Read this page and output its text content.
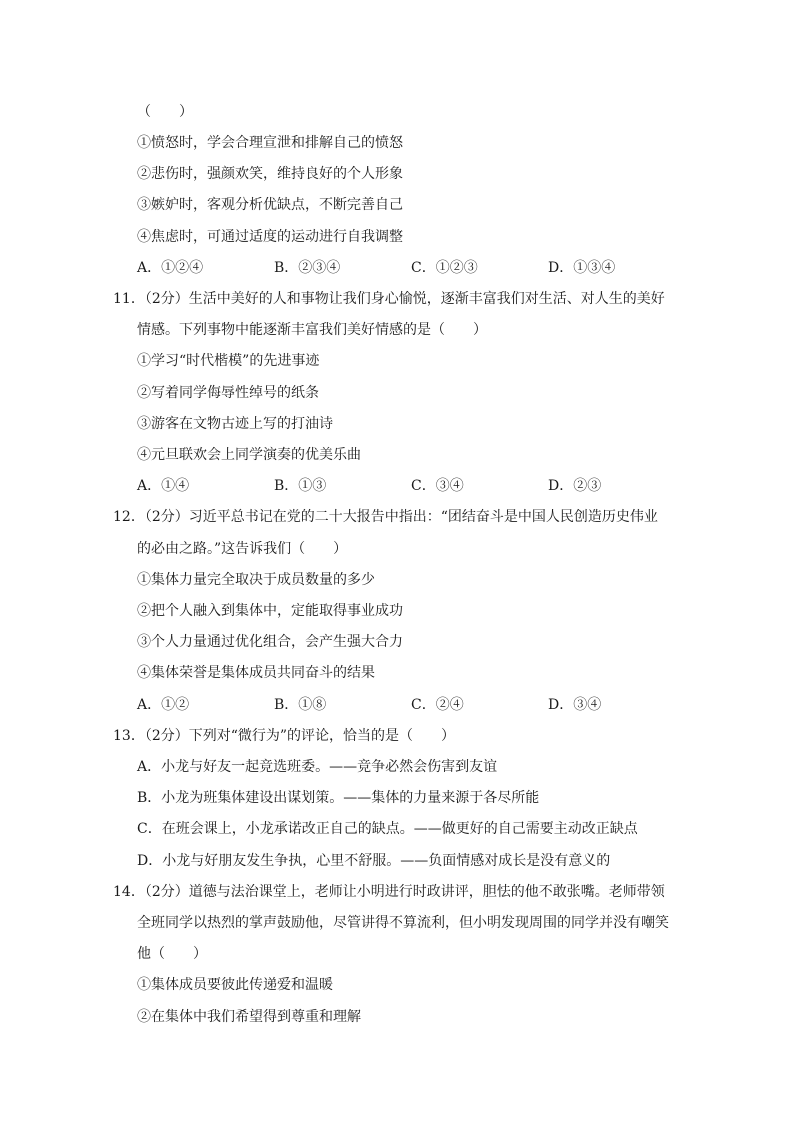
（　　）
①愤怒时，学会合理宣泄和排解自己的愤怒
②悲伤时，强颜欢笑，维持良好的个人形象
③嫉妒时，客观分析优缺点，不断完善自己
④焦虑时，可通过适度的运动进行自我调整
A．①②④	B．②③④	C．①②③	D．①③④
11．（2分）生活中美好的人和事物让我们身心愉悦，逐渐丰富我们对生活、对人生的美好
情感。下列事物中能逐渐丰富我们美好情感的是（　　）
①学习“时代楷模”的先进事迹
②写着同学侮辱性绰号的纸条
③游客在文物古迹上写的打油诗
④元旦联欢会上同学演奏的优美乐曲
A．①④	B．①③	C．③④	D．②③
12．（2分）习近平总书记在党的二十大报告中指出：“团结奋斗是中国人民创造历史伟业
的必由之路。”这告诉我们（　　）
①集体力量完全取决于成员数量的多少
②把个人融入到集体中，定能取得事业成功
③个人力量通过优化组合，会产生强大合力
④集体荣誉是集体成员共同奋斗的结果
A．①②	B．①⑧	C．②④	D．③④
13．（2分）下列对“微行为”的评论，恰当的是（　　）
A．小龙与好友一起竞选班委。——竞争必然会伤害到友谊
B．小龙为班集体建设出谋划策。——集体的力量来源于各尽所能
C．在班会课上，小龙承诺改正自己的缺点。——做更好的自己需要主动改正缺点
D．小龙与好朋友发生争执，心里不舒服。——负面情感对成长是没有意义的
14．（2分）道德与法治课堂上，老师让小明进行时政讲评，胆怯的他不敢张嘴。老师带领
全班同学以热烈的掌声鼓励他，尽管讲得不算流利，但小明发现周围的同学并没有嘲笑
他（　　）
①集体成员要彼此传递爱和温暖
②在集体中我们希望得到尊重和理解
